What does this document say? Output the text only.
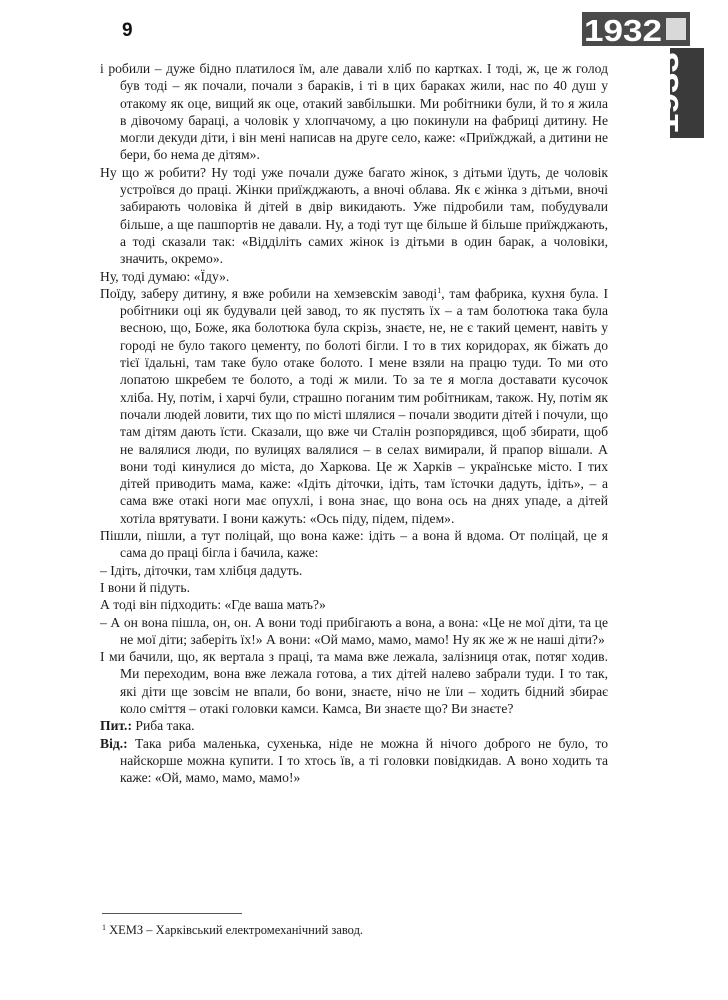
9	1932
1933

і робили – дуже бідно платилося їм, але давали хліб по картках. І тоді, ж, це ж голод був тоді – як почали, почали з бараків, і ті в цих бараках жили, нас по 40 душ у отакому як оце, вищий як оце, отакий завбільшки. Ми робітники були, й то я жила в дівочому бараці, а чоловік у хлопчачому, а цю покинули на фабриці дитину. Не могли декуди діти, і він мені написав на друге село, каже: «Приїжджай, а дитини не бери, бо нема де дітям».

Ну що ж робити? Ну тоді уже почали дуже багато жінок, з дітьми їдуть, де чоловік устроївся до праці. Жінки приїжджають, а вночі облава. Як є жінка з дітьми, вночі забирають чоловіка й дітей в двір викидають. Уже підробили там, побудували більше, а ще пашпортів не давали. Ну, а тоді тут ще більше й більше приїжджають, а тоді сказали так: «Відділіть самих жінок із дітьми в один барак, а чоловіки, значить, окремо».

Ну, тоді думаю: «Їду».

Поїду, заберу дитину, я вже робили на хемзевскім заводі$^1$, там фабрика, кухня була. І робітники оці як будували цей завод, то як пустять їх – а там болотюка така була весною, що, Боже, яка болотюка була скрізь, знаєте, не, не є такий цемент, навіть у городі не було такого цементу, по болоті бігли. І то в тих коридорах, як біжать до тієї їдальні, там таке було отаке болото. І мене взяли на працю туди. То ми ото лопатою шкребем те болото, а тоді ж мили. То за те я могла доставати кусочок хліба. Ну, потім, і харчі були, страшно поганим тим робітникам, також. Ну, потім як почали людей ловити, тих що по місті шлялися – почали зводити дітей і почули, що там дітям дають їсти. Сказали, що вже чи Сталін розпорядився, щоб збирати, щоб не валялися люди, по вулицях валялися – в селах вимирали, й прапор вішали. А вони тоді кинулися до міста, до Харкова. Це ж Харків – українське місто. І тих дітей приводить мама, каже: «Ідіть діточки, ідіть, там їсточки дадуть, ідіть», – а сама вже отакі ноги має опухлі, і вона знає, що вона ось на днях упаде, а дітей хотіла врятувати. І вони кажуть: «Ось піду, підем, підем».

Пішли, пішли, а тут поліцай, що вона каже: ідіть – а вона й вдома. От поліцай, це я сама до праці бігла і бачила, каже:

– Ідіть, діточки, там хлібця дадуть.

І вони й підуть.

А тоді він підходить: «Где ваша мать?»

– А он вона пішла, он, он. А вони тоді прибігають а вона, а вона: «Це не мої діти, та це не мої діти; заберіть їх!» А вони: «Ой мамо, мамо, мамо! Ну як же ж не наші діти?»

І ми бачили, що, як вертала з праці, та мама вже лежала, залізниця отак, потяг ходив. Ми переходим, вона вже лежала готова, а тих дітей налево забрали туди. І то так, які діти ще зовсім не впали, бо вони, знаєте, нічо не їли – ходить бідний збирає коло сміття – отакі головки камси. Камса, Ви знаєте що? Ви знаєте?

Пит.: Риба така.

Від.: Така риба маленька, сухенька, ніде не можна й нічого доброго не було, то найскорше можна купити. І то хтось їв, а ті головки повідкидав. А воно ходить та каже: «Ой, мамо, мамо, мамо!»

$^1$ ХЕМЗ – Харківський електромеханічний завод.
